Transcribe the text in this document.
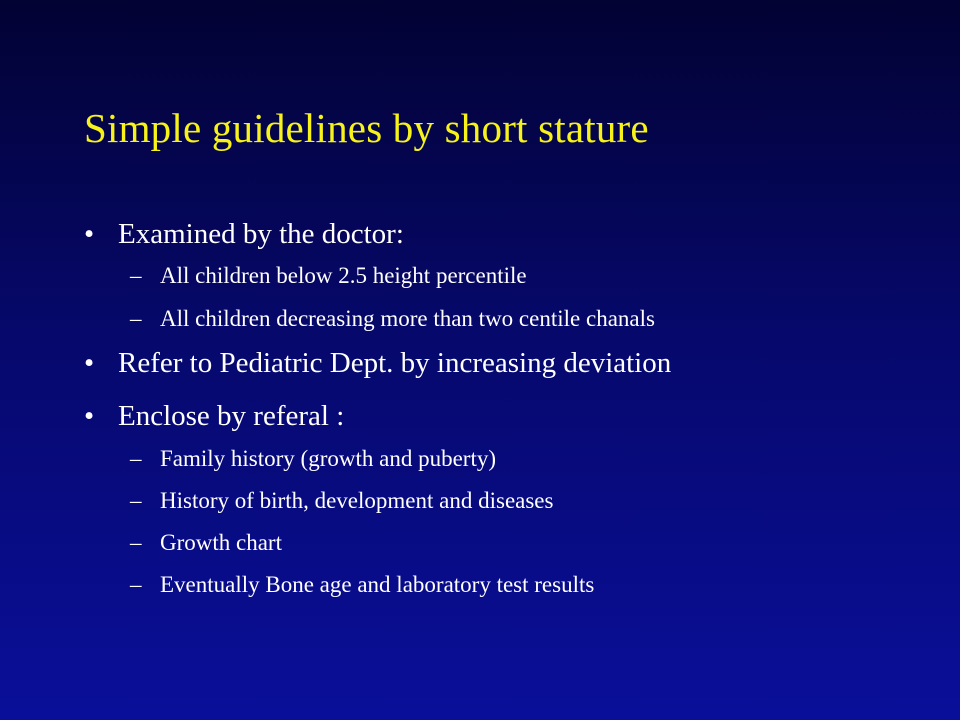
Simple guidelines by short stature
• Examined by the doctor:
– All children below 2.5 height percentile
– All children decreasing more than two centile chanals
• Refer to Pediatric Dept. by increasing deviation
• Enclose by referal :
– Family history (growth and puberty)
– History of birth, development and diseases
– Growth chart
– Eventually Bone age and laboratory test results
